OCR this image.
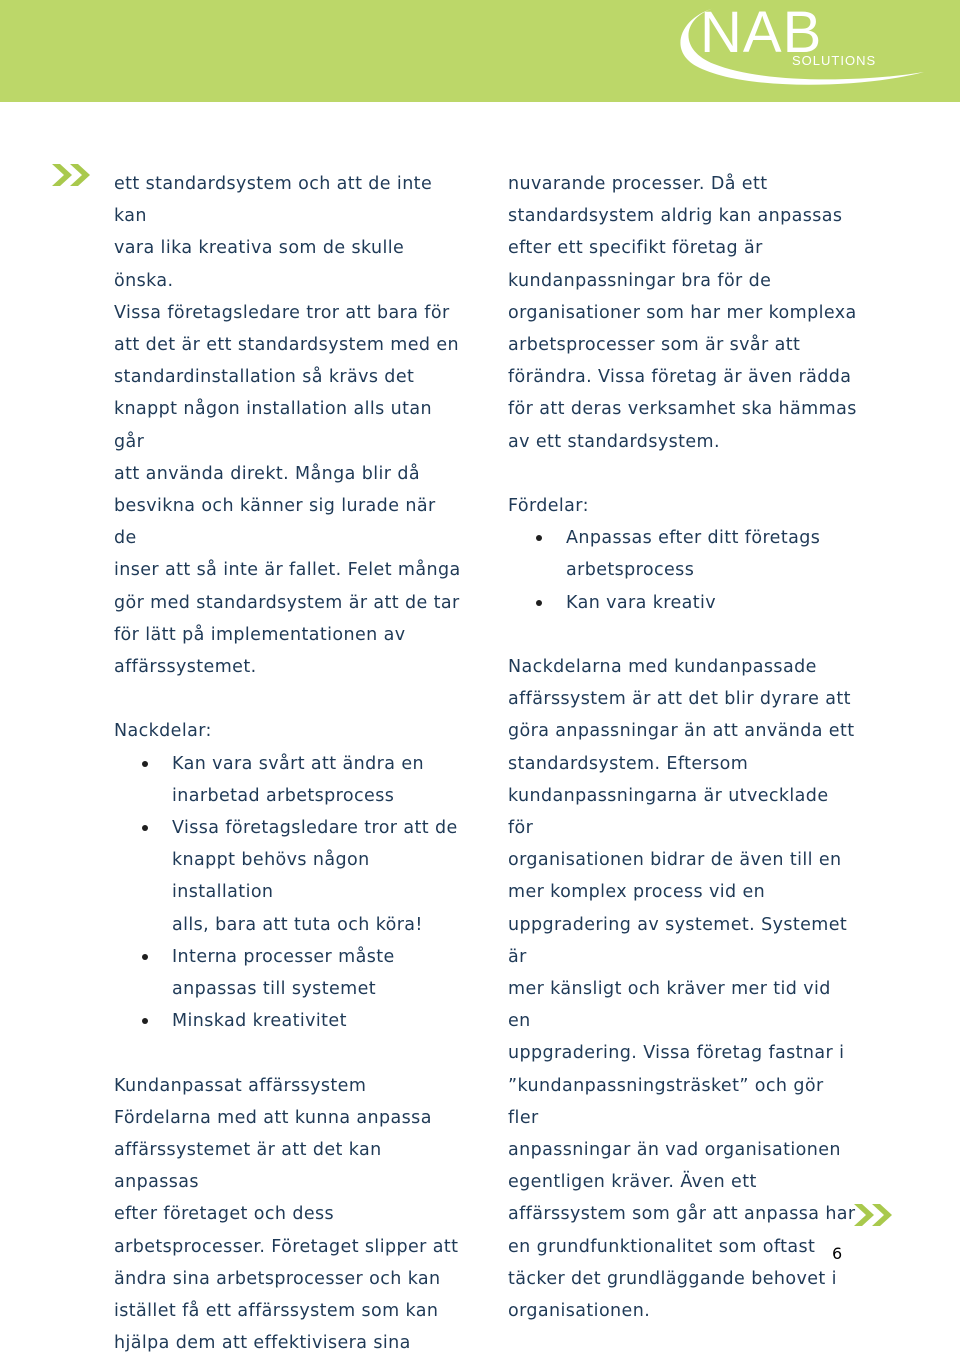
NAB
SOLUTIONS

ett standardsystem och att de inte kan
vara lika kreativa som de skulle önska.
Vissa företagsledare tror att bara för
att det är ett standardsystem med en
standardinstallation så krävs det
knappt någon installation alls utan går
att använda direkt. Många blir då
besvikna och känner sig lurade när de
inser att så inte är fallet. Felet många
gör med standardsystem är att de tar
för lätt på implementationen av
affärssystemet.

Nackdelar:

Kan vara svårt att ändra en
inarbetad arbetsprocess
Vissa företagsledare tror att de
knappt behövs någon installation
alls, bara att tuta och köra!
Interna processer måste
anpassas till systemet
Minskad kreativitet

Kundanpassat affärssystem

Fördelarna med att kunna anpassa
affärssystemet är att det kan anpassas
efter företaget och dess
arbetsprocesser. Företaget slipper att
ändra sina arbetsprocesser och kan
istället få ett affärssystem som kan
hjälpa dem att effektivisera sina

nuvarande processer. Då ett
standardsystem aldrig kan anpassas
efter ett specifikt företag är
kundanpassningar bra för de
organisationer som har mer komplexa
arbetsprocesser som är svår att
förändra. Vissa företag är även rädda
för att deras verksamhet ska hämmas
av ett standardsystem.

Fördelar:

Anpassas efter ditt företags
arbetsprocess
Kan vara kreativ

Nackdelarna med kundanpassade
affärssystem är att det blir dyrare att
göra anpassningar än att använda ett
standardsystem. Eftersom
kundanpassningarna är utvecklade för
organisationen bidrar de även till en
mer komplex process vid en
uppgradering av systemet. Systemet är
mer känsligt och kräver mer tid vid en
uppgradering. Vissa företag fastnar i
”kundanpassningsträsket” och gör fler
anpassningar än vad organisationen
egentligen kräver. Även ett
affärssystem som går att anpassa har
en grundfunktionalitet som oftast
täcker det grundläggande behovet i
organisationen.

6
